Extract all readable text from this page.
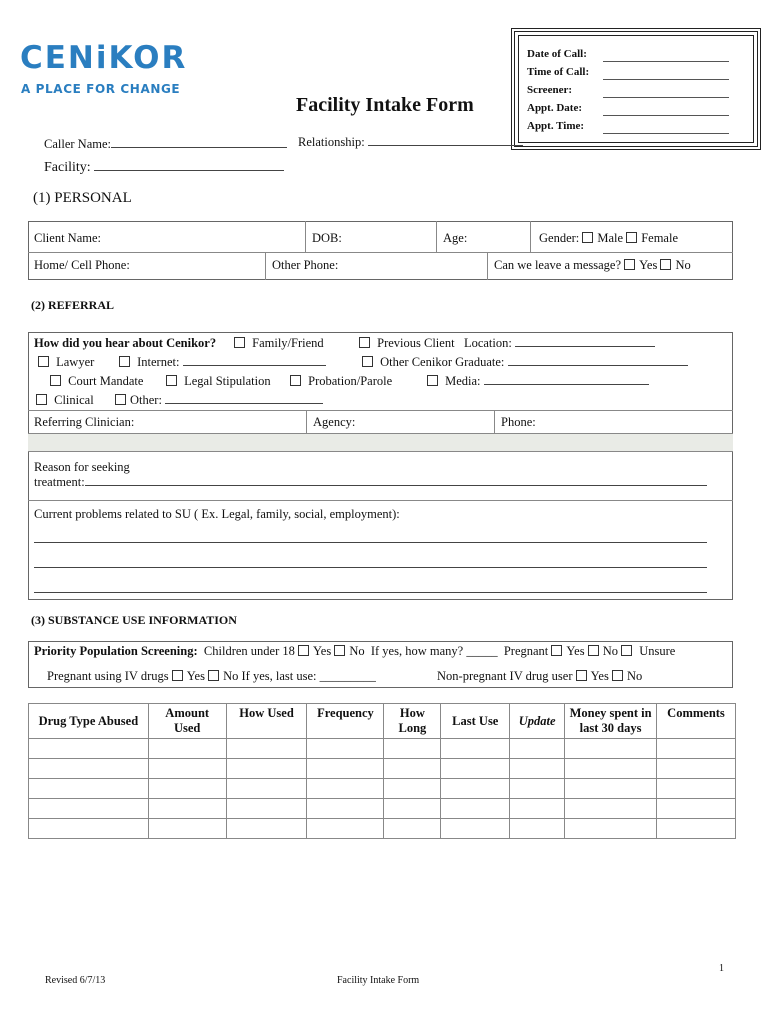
CENiKOR
A PLACE FOR CHANGE
Facility Intake Form
Date of Call:
Time of Call:
Screener:
Appt. Date:
Appt. Time:
Caller Name:	Relationship:
Facility:
(1) PERSONAL
Client Name:	DOB:	Age:	Gender: Male Female
Home/ Cell Phone:	Other Phone:	Can we leave a message? Yes No
(2) REFERRAL
How did you hear about Cenikor?	Family/Friend	Previous Client Location:
Lawyer	Internet:	Other Cenikor Graduate:
Court Mandate	Legal Stipulation	Probation/Parole	Media:
Clinical	Other:
Referring Clinician:	Agency:	Phone:
Reason for seeking
treatment:
Current problems related to SU ( Ex. Legal, family, social, employment):
(3) SUBSTANCE USE INFORMATION
Priority Population Screening: Children under 18 Yes No If yes, how many? _____ Pregnant Yes No Unsure
Pregnant using IV drugs Yes No If yes, last use: _________	Non-pregnant IV drug user Yes No
Drug Type Abused	Amount Used	How Used	Frequency	How Long	Last Use	Update	Money spent in last 30 days	Comments

Revised 6/7/13	Facility Intake Form
1
